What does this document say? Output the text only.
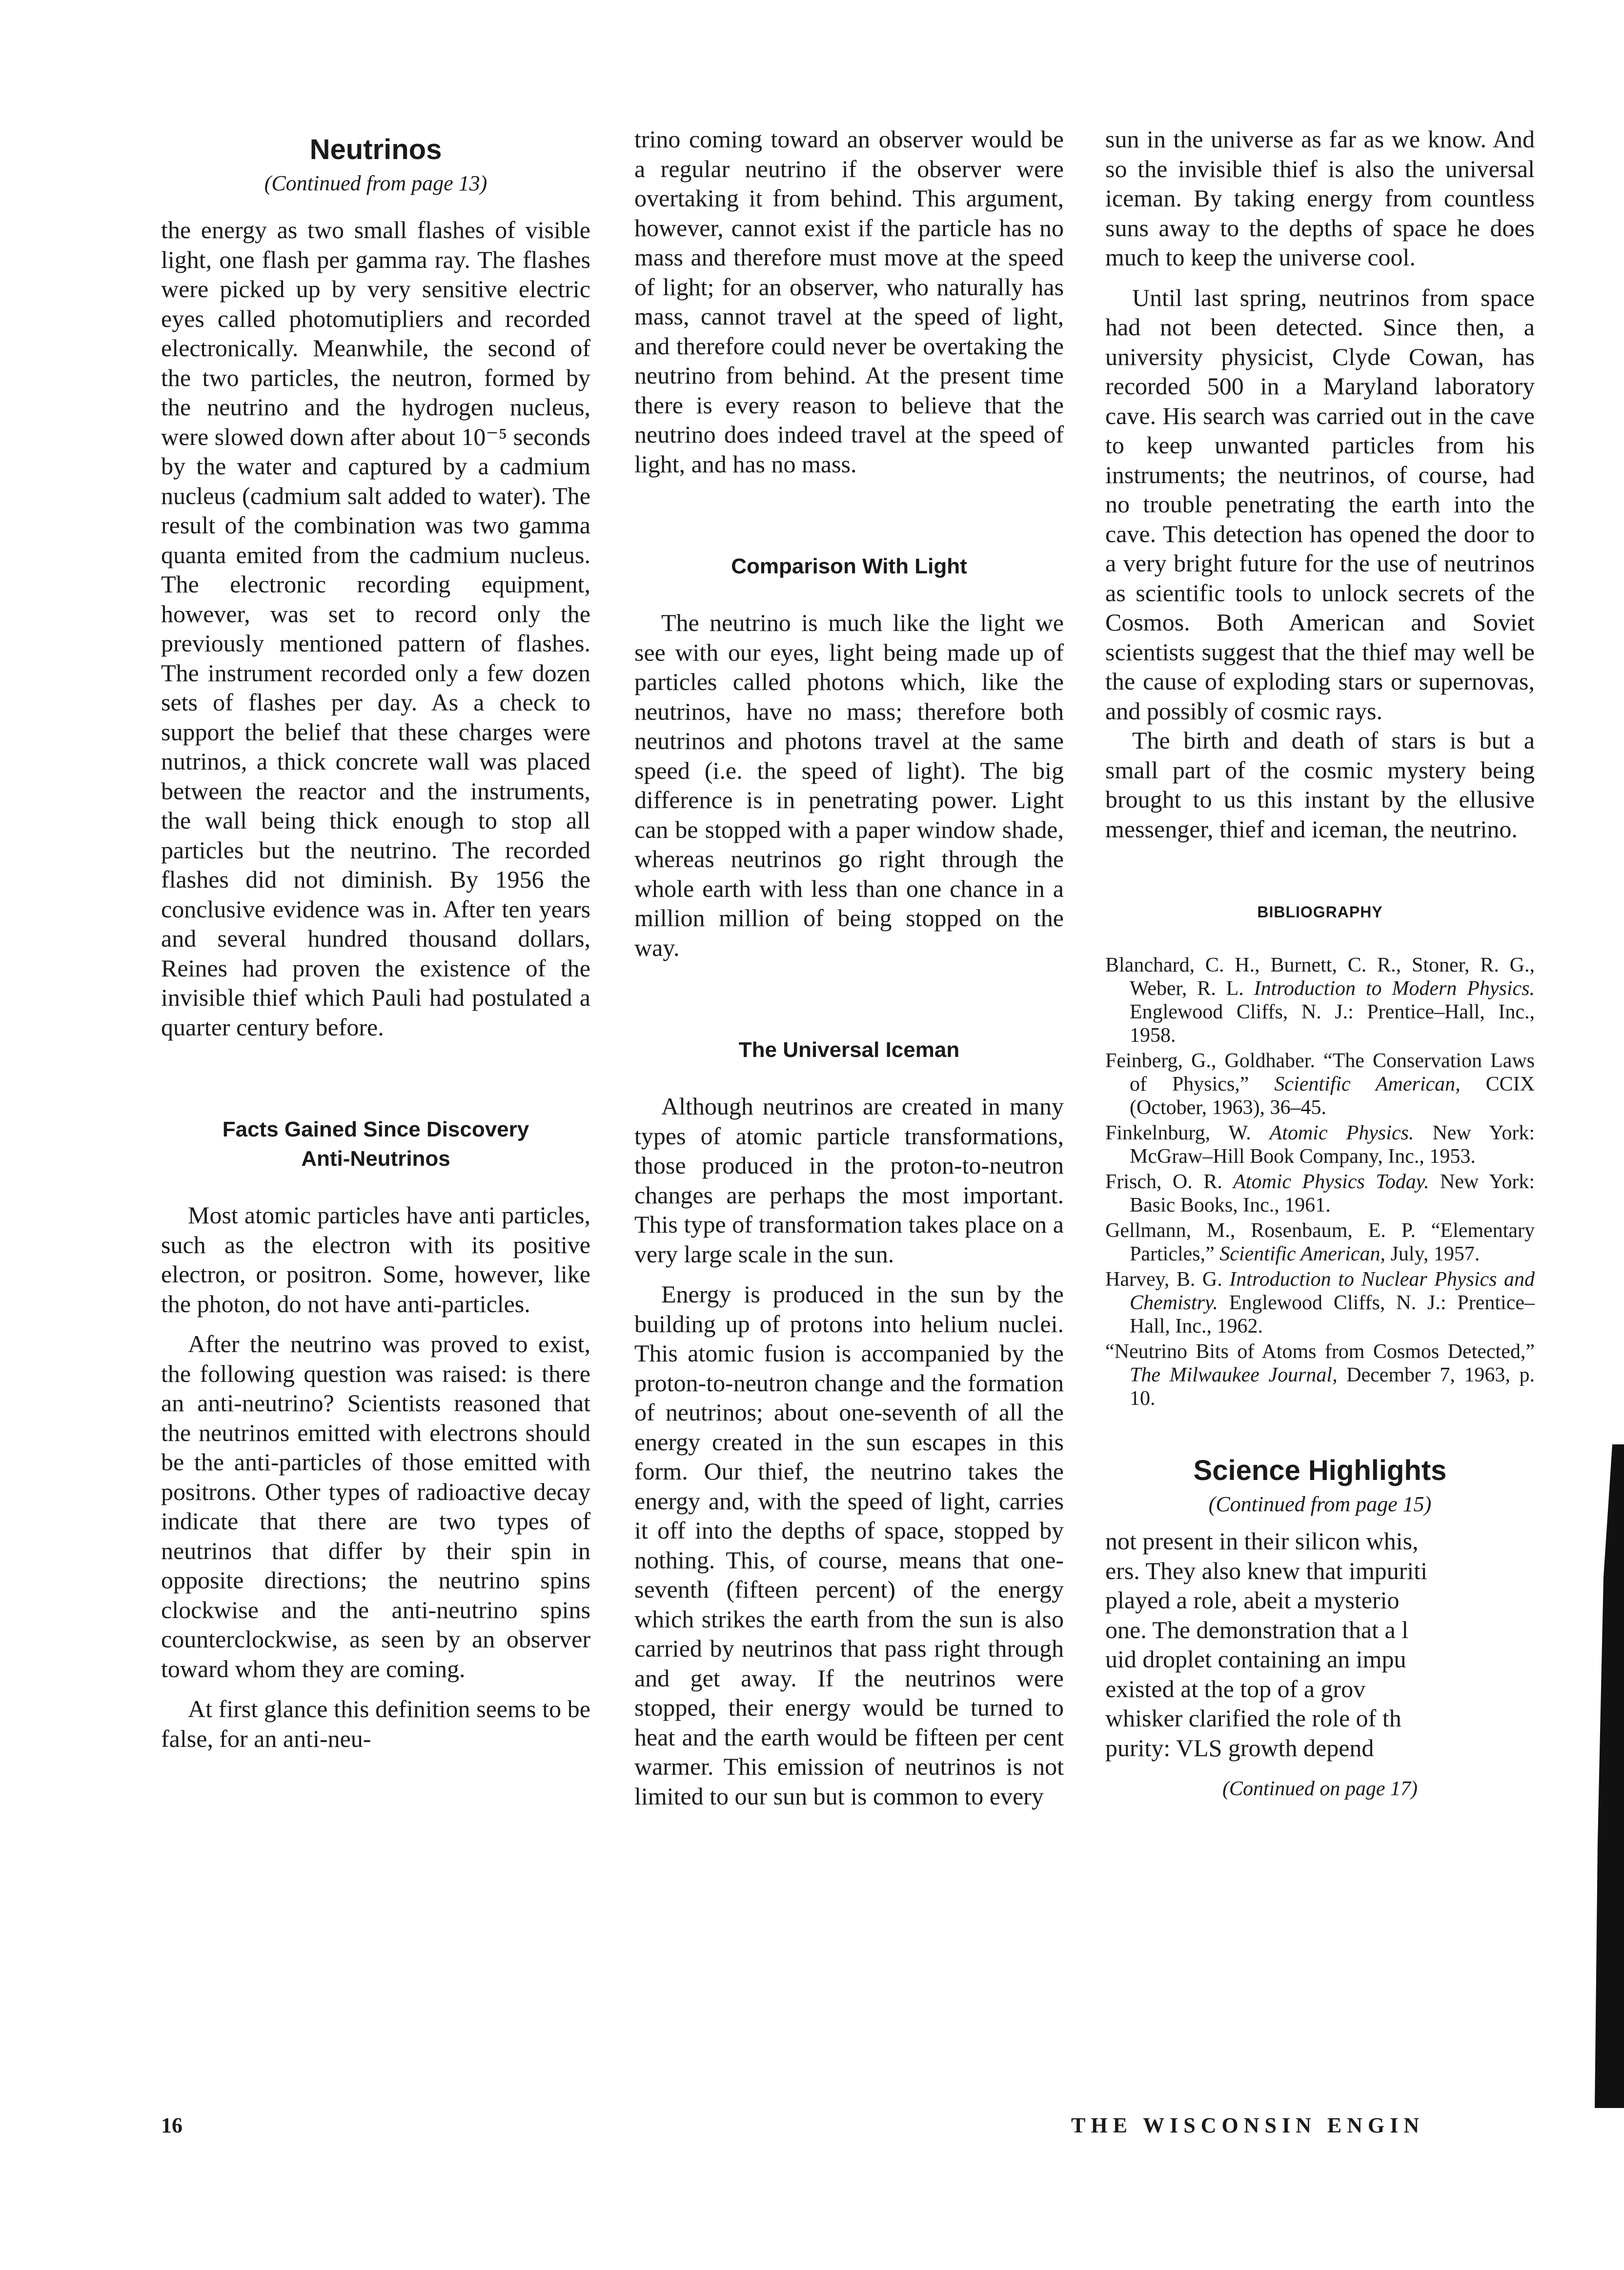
Neutrinos
(Continued from page 13)

the energy as two small flashes of visible light, one flash per gamma ray. The flashes were picked up by very sensitive electric eyes called photomutipliers and recorded electronically. Meanwhile, the second of the two particles, the neutron, formed by the neutrino and the hydrogen nucleus, were slowed down after about 10⁻⁵ seconds by the water and captured by a cadmium nucleus (cadmium salt added to water). The result of the combination was two gamma quanta emited from the cadmium nucleus. The electronic recording equipment, however, was set to record only the previously mentioned pattern of flashes. The instrument recorded only a few dozen sets of flashes per day. As a check to support the belief that these charges were nutrinos, a thick concrete wall was placed between the reactor and the instruments, the wall being thick enough to stop all particles but the neutrino. The recorded flashes did not diminish. By 1956 the conclusive evidence was in. After ten years and several hundred thousand dollars, Reines had proven the existence of the invisible thief which Pauli had postulated a quarter century before.

Facts Gained Since Discovery
Anti-Neutrinos

Most atomic particles have anti particles, such as the electron with its positive electron, or positron. Some, however, like the photon, do not have anti-particles.

After the neutrino was proved to exist, the following question was raised: is there an anti-neutrino? Scientists reasoned that the neutrinos emitted with electrons should be the anti-particles of those emitted with positrons. Other types of radioactive decay indicate that there are two types of neutrinos that differ by their spin in opposite directions; the neutrino spins clockwise and the anti-neutrino spins counterclockwise, as seen by an observer toward whom they are coming.

At first glance this definition seems to be false, for an anti-neu-

trino coming toward an observer would be a regular neutrino if the observer were overtaking it from behind. This argument, however, cannot exist if the particle has no mass and therefore must move at the speed of light; for an observer, who naturally has mass, cannot travel at the speed of light, and therefore could never be overtaking the neutrino from behind. At the present time there is every reason to believe that the neutrino does indeed travel at the speed of light, and has no mass.

Comparison With Light

The neutrino is much like the light we see with our eyes, light being made up of particles called photons which, like the neutrinos, have no mass; therefore both neutrinos and photons travel at the same speed (i.e. the speed of light). The big difference is in penetrating power. Light can be stopped with a paper window shade, whereas neutrinos go right through the whole earth with less than one chance in a million million of being stopped on the way.

The Universal Iceman

Although neutrinos are created in many types of atomic particle transformations, those produced in the proton-to-neutron changes are perhaps the most important. This type of transformation takes place on a very large scale in the sun.

Energy is produced in the sun by the building up of protons into helium nuclei. This atomic fusion is accompanied by the proton-to-neutron change and the formation of neutrinos; about one-seventh of all the energy created in the sun escapes in this form. Our thief, the neutrino takes the energy and, with the speed of light, carries it off into the depths of space, stopped by nothing. This, of course, means that one-seventh (fifteen percent) of the energy which strikes the earth from the sun is also carried by neutrinos that pass right through and get away. If the neutrinos were stopped, their energy would be turned to heat and the earth would be fifteen per cent warmer. This emission of neutrinos is not limited to our sun but is common to every

sun in the universe as far as we know. And so the invisible thief is also the universal iceman. By taking energy from countless suns away to the depths of space he does much to keep the universe cool.

Until last spring, neutrinos from space had not been detected. Since then, a university physicist, Clyde Cowan, has recorded 500 in a Maryland laboratory cave. His search was carried out in the cave to keep unwanted particles from his instruments; the neutrinos, of course, had no trouble penetrating the earth into the cave. This detection has opened the door to a very bright future for the use of neutrinos as scientific tools to unlock secrets of the Cosmos. Both American and Soviet scientists suggest that the thief may well be the cause of exploding stars or supernovas, and possibly of cosmic rays.

The birth and death of stars is but a small part of the cosmic mystery being brought to us this instant by the ellusive messenger, thief and iceman, the neutrino.

BIBLIOGRAPHY

Blanchard, C. H., Burnett, C. R., Stoner, R. G., Weber, R. L. Introduction to Modern Physics. Englewood Cliffs, N. J.: Prentice–Hall, Inc., 1958.

Feinberg, G., Goldhaber. “The Conservation Laws of Physics,” Scientific American, CCIX (October, 1963), 36–45.

Finkelnburg, W. Atomic Physics. New York: McGraw–Hill Book Company, Inc., 1953.

Frisch, O. R. Atomic Physics Today. New York: Basic Books, Inc., 1961.

Gellmann, M., Rosenbaum, E. P. “Elementary Particles,” Scientific American, July, 1957.

Harvey, B. G. Introduction to Nuclear Physics and Chemistry. Englewood Cliffs, N. J.: Prentice–Hall, Inc., 1962.

“Neutrino Bits of Atoms from Cosmos Detected,” The Milwaukee Journal, December 7, 1963, p. 10.

Science Highlights
(Continued from page 15)
not present in their silicon whis,
ers. They also knew that impuriti
played a role, abeit a mysterio
one. The demonstration that a l
uid droplet containing an impu
existed at the top of a grov
whisker clarified the role of th
purity: VLS growth depend
(Continued on page 17)
16	THE WISCONSIN ENGIN
